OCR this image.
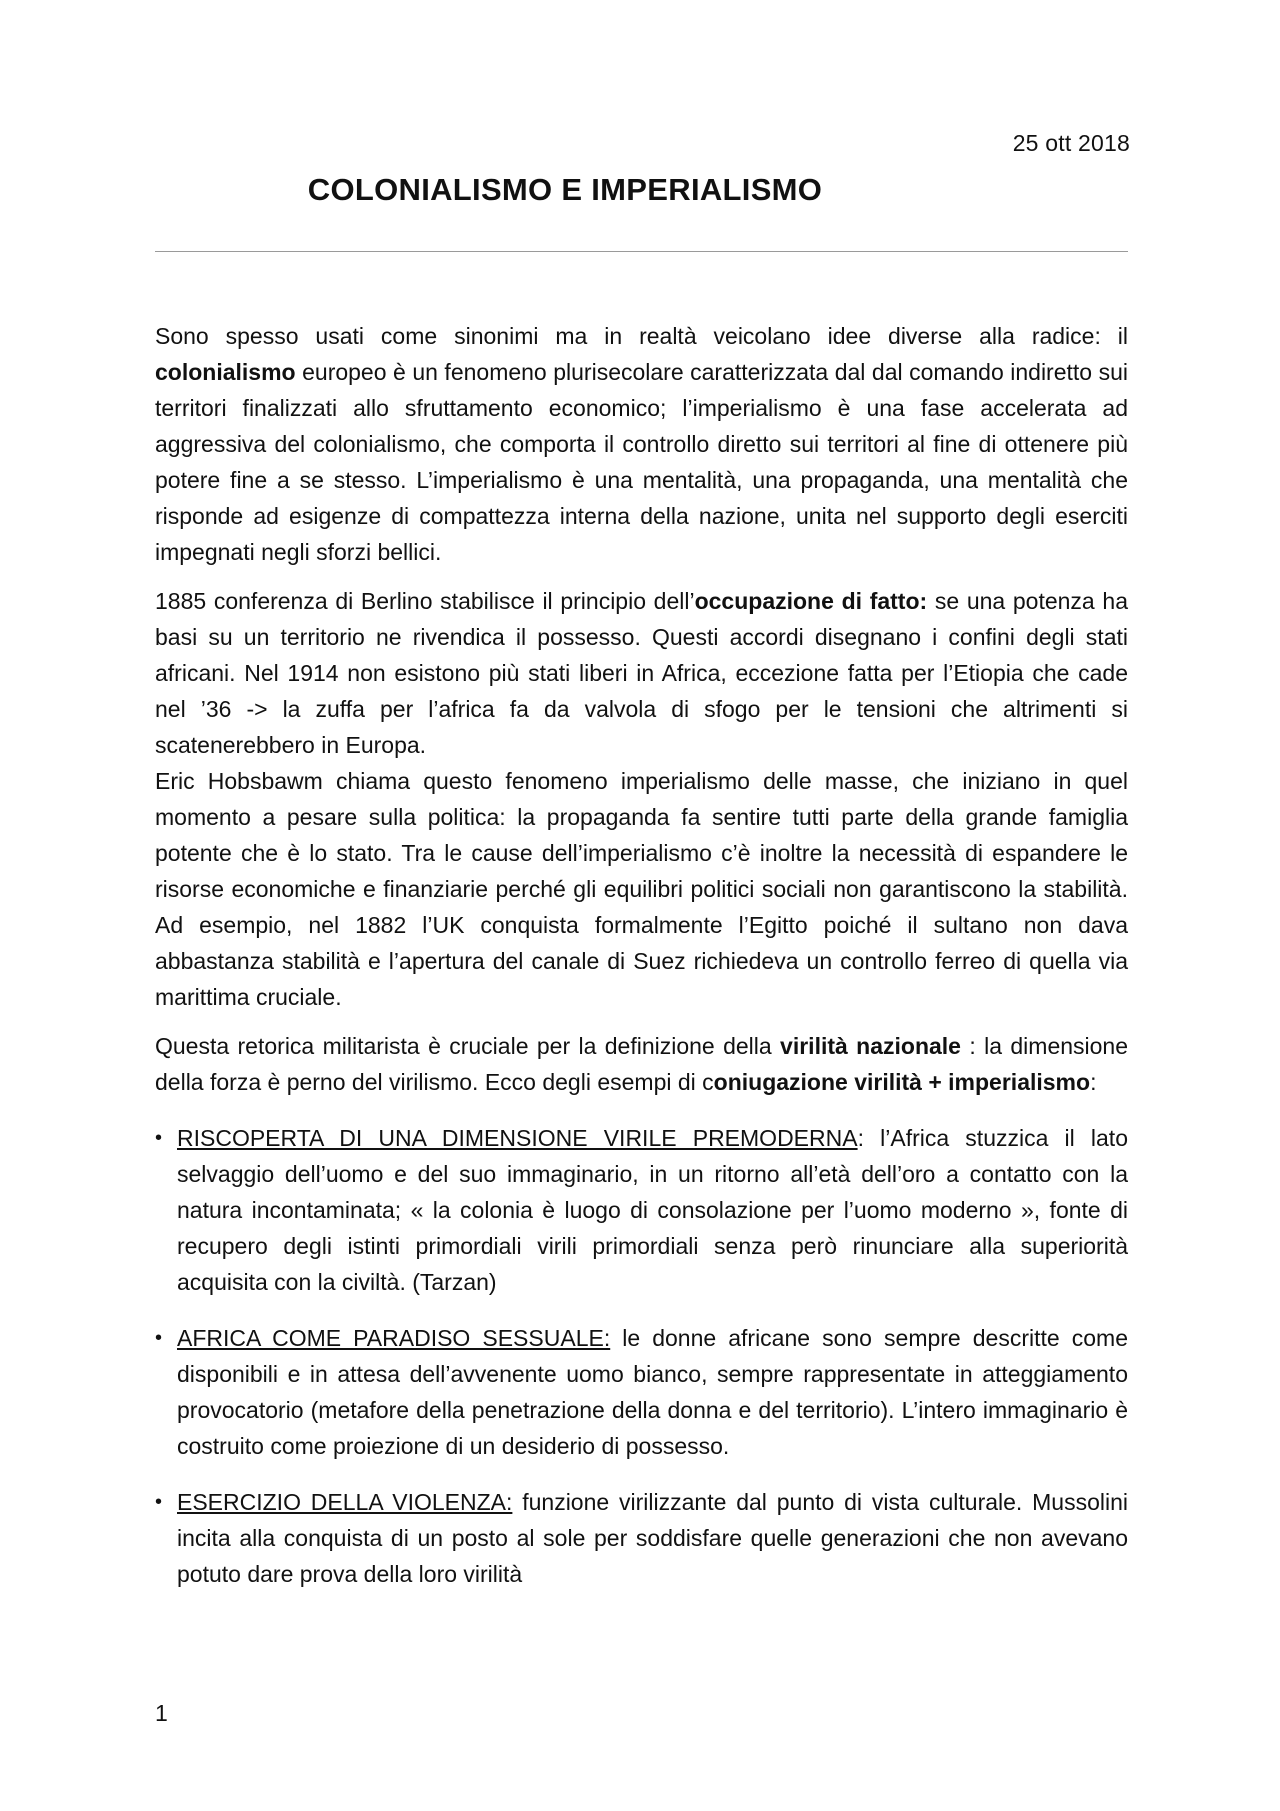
25 ott 2018
COLONIALISMO E IMPERIALISMO

Sono spesso usati come sinonimi ma in realtà veicolano idee diverse alla radice: il colonialismo europeo è un fenomeno plurisecolare caratterizzata dal dal comando indiretto sui territori finalizzati allo sfruttamento economico; l’imperialismo è una fase accelerata ad aggressiva del colonialismo, che comporta il controllo diretto sui territori al fine di ottenere più potere fine a se stesso. L’imperialismo è una mentalità, una propaganda, una mentalità che risponde ad esigenze di compattezza interna della nazione, unita nel supporto degli eserciti impegnati negli sforzi bellici.

1885 conferenza di Berlino stabilisce il principio dell’occupazione di fatto: se una potenza ha basi su un territorio ne rivendica il possesso. Questi accordi disegnano i confini degli stati africani. Nel 1914 non esistono più stati liberi in Africa, eccezione fatta per l’Etiopia che cade nel ’36 -> la zuffa per l’africa fa da valvola di sfogo per le tensioni che altrimenti si scatenerebbero in Europa.

Eric Hobsbawm chiama questo fenomeno imperialismo delle masse, che iniziano in quel momento a pesare sulla politica: la propaganda fa sentire tutti parte della grande famiglia potente che è lo stato. Tra le cause dell’imperialismo c’è inoltre la necessità di espandere le risorse economiche e finanziarie perché gli equilibri politici sociali non garantiscono la stabilità. Ad esempio, nel 1882 l’UK conquista formalmente l’Egitto poiché il sultano non dava abbastanza stabilità e l’apertura del canale di Suez richiedeva un controllo ferreo di quella via marittima cruciale.

Questa retorica militarista è cruciale per la definizione della virilità nazionale : la dimensione della forza è perno del virilismo. Ecco degli esempi di coniugazione virilità + imperialismo:

• RISCOPERTA DI UNA DIMENSIONE VIRILE PREMODERNA: l’Africa stuzzica il lato selvaggio dell’uomo e del suo immaginario, in un ritorno all’età dell’oro a contatto con la natura incontaminata; « la colonia è luogo di consolazione per l’uomo moderno », fonte di recupero degli istinti primordiali virili primordiali senza però rinunciare alla superiorità acquisita con la civiltà. (Tarzan)
• AFRICA COME PARADISO SESSUALE: le donne africane sono sempre descritte come disponibili e in attesa dell’avvenente uomo bianco, sempre rappresentate in atteggiamento provocatorio (metafore della penetrazione della donna e del territorio). L’intero immaginario è costruito come proiezione di un desiderio di possesso.
• ESERCIZIO DELLA VIOLENZA: funzione virilizzante dal punto di vista culturale. Mussolini incita alla conquista di un posto al sole per soddisfare quelle generazioni che non avevano potuto dare prova della loro virilità
1
